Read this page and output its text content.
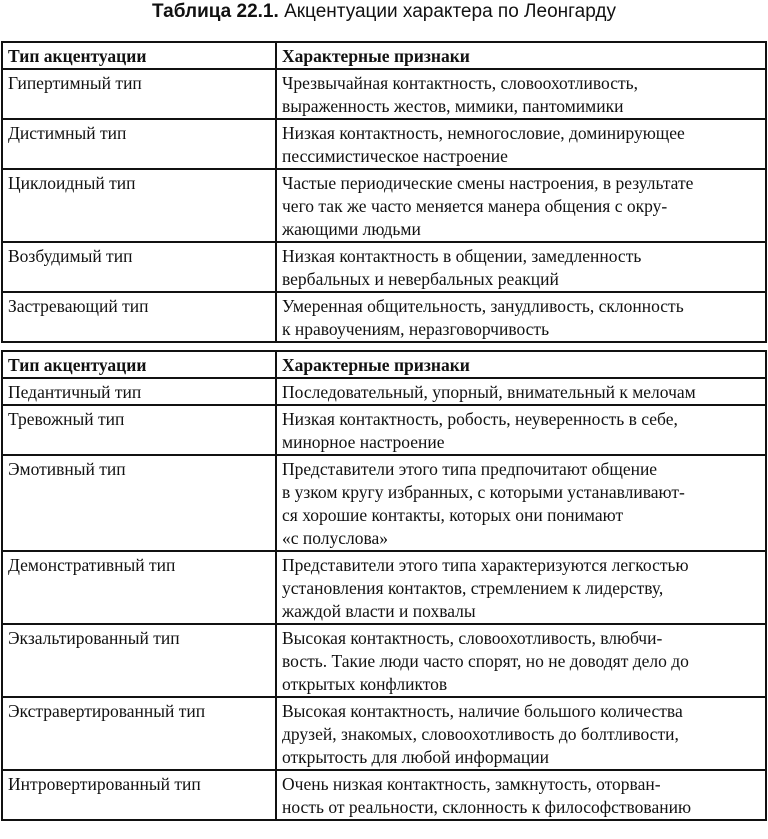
Таблица 22.1. Акцентуации характера по Леонгарду
Тип акцентуации	Характерные признаки
Гипертимный тип	Чрезвычайная контактность, словоохотливость,
выраженность жестов, мимики, пантомимики

Дистимный тип	Низкая контактность, немногословие, доминирующее
пессимистическое настроение

Циклоидный тип	Частые периодические смены настроения, в результате
чего так же часто меняется манера общения с окру-
жающими людьми

Возбудимый тип	Низкая контактность в общении, замедленность
вербальных и невербальных реакций

Застревающий тип	Умеренная общительность, занудливость, склонность
к нравоучениям, неразговорчивость
Тип акцентуации	Характерные признаки
Педантичный тип	Последовательный, упорный, внимательный к мелочам

Тревожный тип	Низкая контактность, робость, неуверенность в себе,
минорное настроение

Эмотивный тип	Представители этого типа предпочитают общение
в узком кругу избранных, с которыми устанавливают-
ся хорошие контакты, которых они понимают
«с полуслова»

Демонстративный тип	Представители этого типа характеризуются легкостью
установления контактов, стремлением к лидерству,
жаждой власти и похвалы

Экзальтированный тип	Высокая контактность, словоохотливость, влюбчи-
вость. Такие люди часто спорят, но не доводят дело до
открытых конфликтов

Экстравертированный тип	Высокая контактность, наличие большого количества
друзей, знакомых, словоохотливость до болтливости,
открытость для любой информации

Интровертированный тип	Очень низкая контактность, замкнутость, оторван-
ность от реальности, склонность к философствованию
